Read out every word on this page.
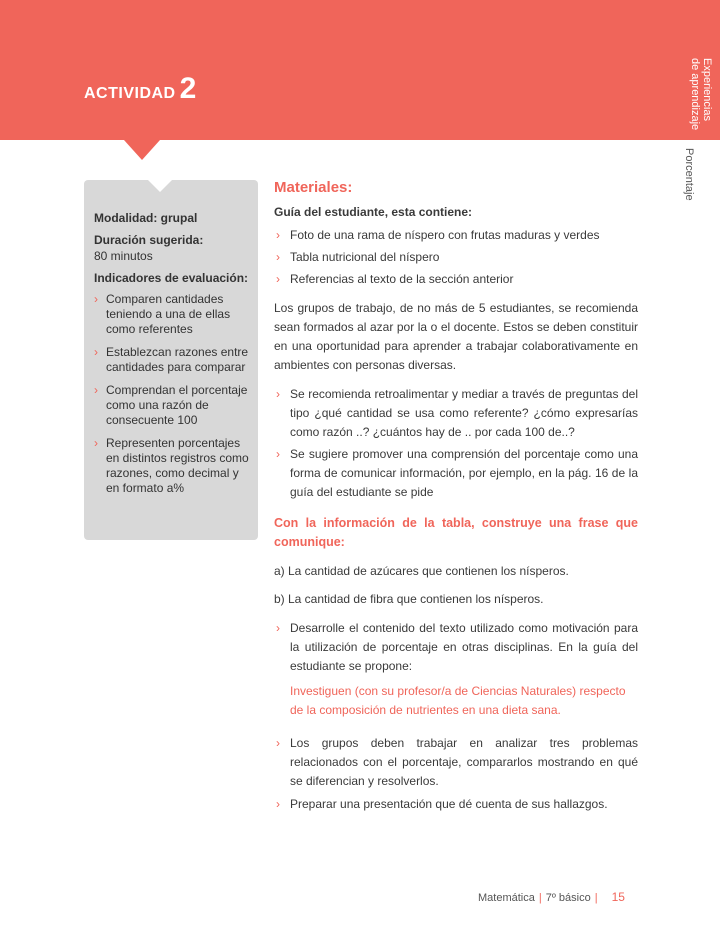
ACTIVIDAD 2	Experiencias
de aprendizaje
Porcentaje

Modalidad: grupal

Duración sugerida:

80 minutos

Indicadores de evaluación:

› Comparen cantidades teniendo a una de ellas como referentes
› Establezcan razones entre cantidades para comparar
› Comprendan el porcentaje como una razón de consecuente 100
› Representen porcentajes en distintos registros como razones, como decimal y en formato a%
Materiales:
Guía del estudiante, esta contiene:
› Foto de una rama de níspero con frutas maduras y verdes
› Tabla nutricional del níspero
› Referencias al texto de la sección anterior

Los grupos de trabajo, de no más de 5 estudiantes, se recomienda sean formados al azar por la o el docente. Estos se deben constituir en una oportunidad para aprender a trabajar colaborativamente en ambientes con personas diversas.

› Se recomienda retroalimentar y mediar a través de preguntas del tipo ¿qué cantidad se usa como referente? ¿cómo expresarías como razón ..? ¿cuántos hay de .. por cada 100 de..?
› Se sugiere promover una comprensión del porcentaje como una forma de comunicar información, por ejemplo, en la pág. 16 de la guía del estudiante se pide
Con la información de la tabla, construye una frase que comunique:
a) La cantidad de azúcares que contienen los nísperos.
b) La cantidad de fibra que contienen los nísperos.
› Desarrolle el contenido del texto utilizado como motivación para la utilización de porcentaje en otras disciplinas. En la guía del estudiante se propone:
Investiguen (con su profesor/a de Ciencias Naturales) respecto de la composición de nutrientes en una dieta sana.
› Los grupos deben trabajar en analizar tres problemas relacionados con el porcentaje, compararlos mostrando en qué se diferencian y resolverlos.
› Preparar una presentación que dé cuenta de sus hallazgos.
Matemática | 7º básico | 15
